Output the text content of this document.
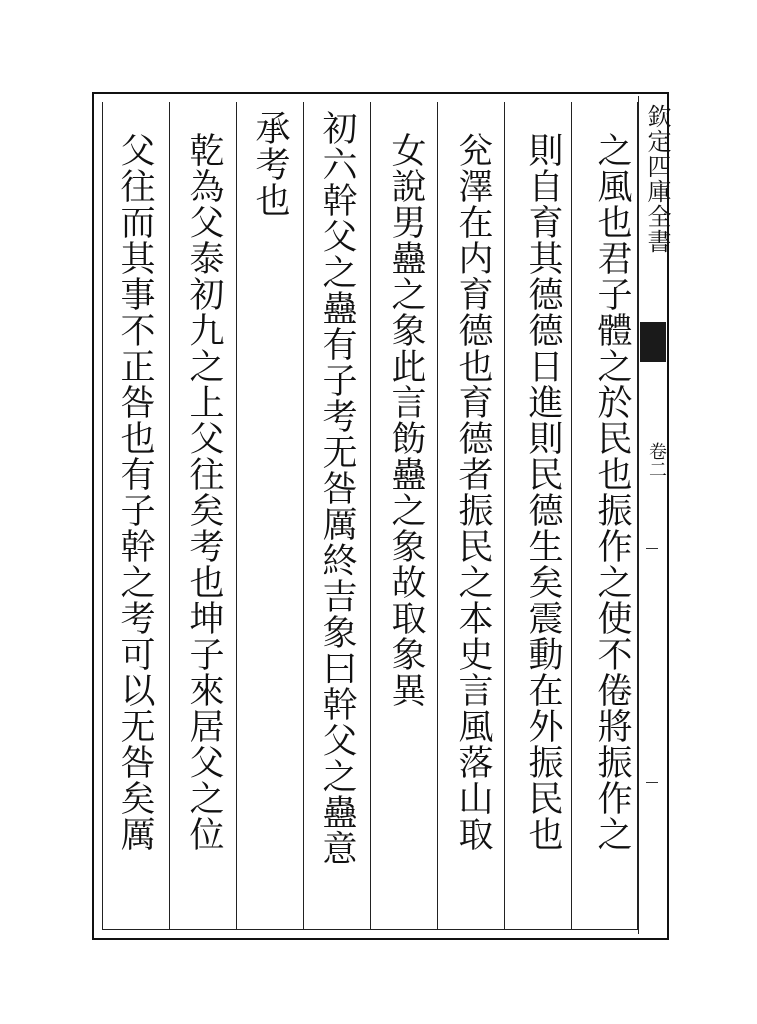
之風也君子體之於民也振作之使不倦將振作之
則自育其德德日進則民德生矣震動在外振民也
兊澤在内育德也育德者振民之本史言風落山取
女說男蠱之象此言飭蠱之象故取象異
初六幹父之蠱有子考无咎厲終吉象曰幹父之蠱意
承考也
乾為父泰初九之上父往矣考也坤子來居父之位
父往而其事不正咎也有子幹之考可以无咎矣厲	欽定四庫全書
卷二
